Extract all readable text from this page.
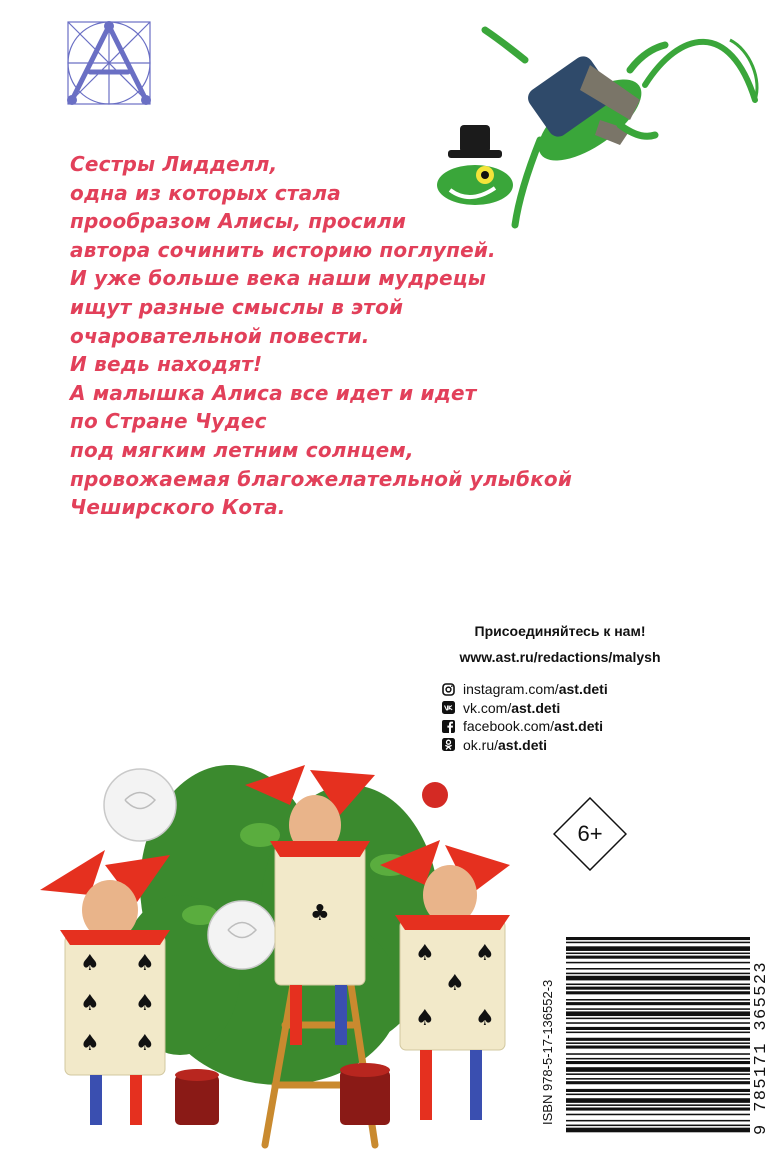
Сестры Лидделл,
одна из которых стала
прообразом Алисы, просили
автора сочинить историю поглупей.
И уже больше века наши мудрецы
ищут разные смыслы в этой
очаровательной повести.
И ведь находят!
А малышка Алиса все идет и идет
по Стране Чудес
под мягким летним солнцем,
провожаемая благожелательной улыбкой
Чеширского Кота.
Присоединяйтесь к нам!
www.ast.ru/redactions/malysh
instagram.com/ ast.deti
vk.com/ ast.deti
facebook.com/ ast.deti
ok.ru/ ast.deti
6+
ISBN 978-5-17-136552-3	9 785171 365523
♠ ♠
♠ ♠
♠ ♠
♣
♠ ♠
♠
♠ ♠
